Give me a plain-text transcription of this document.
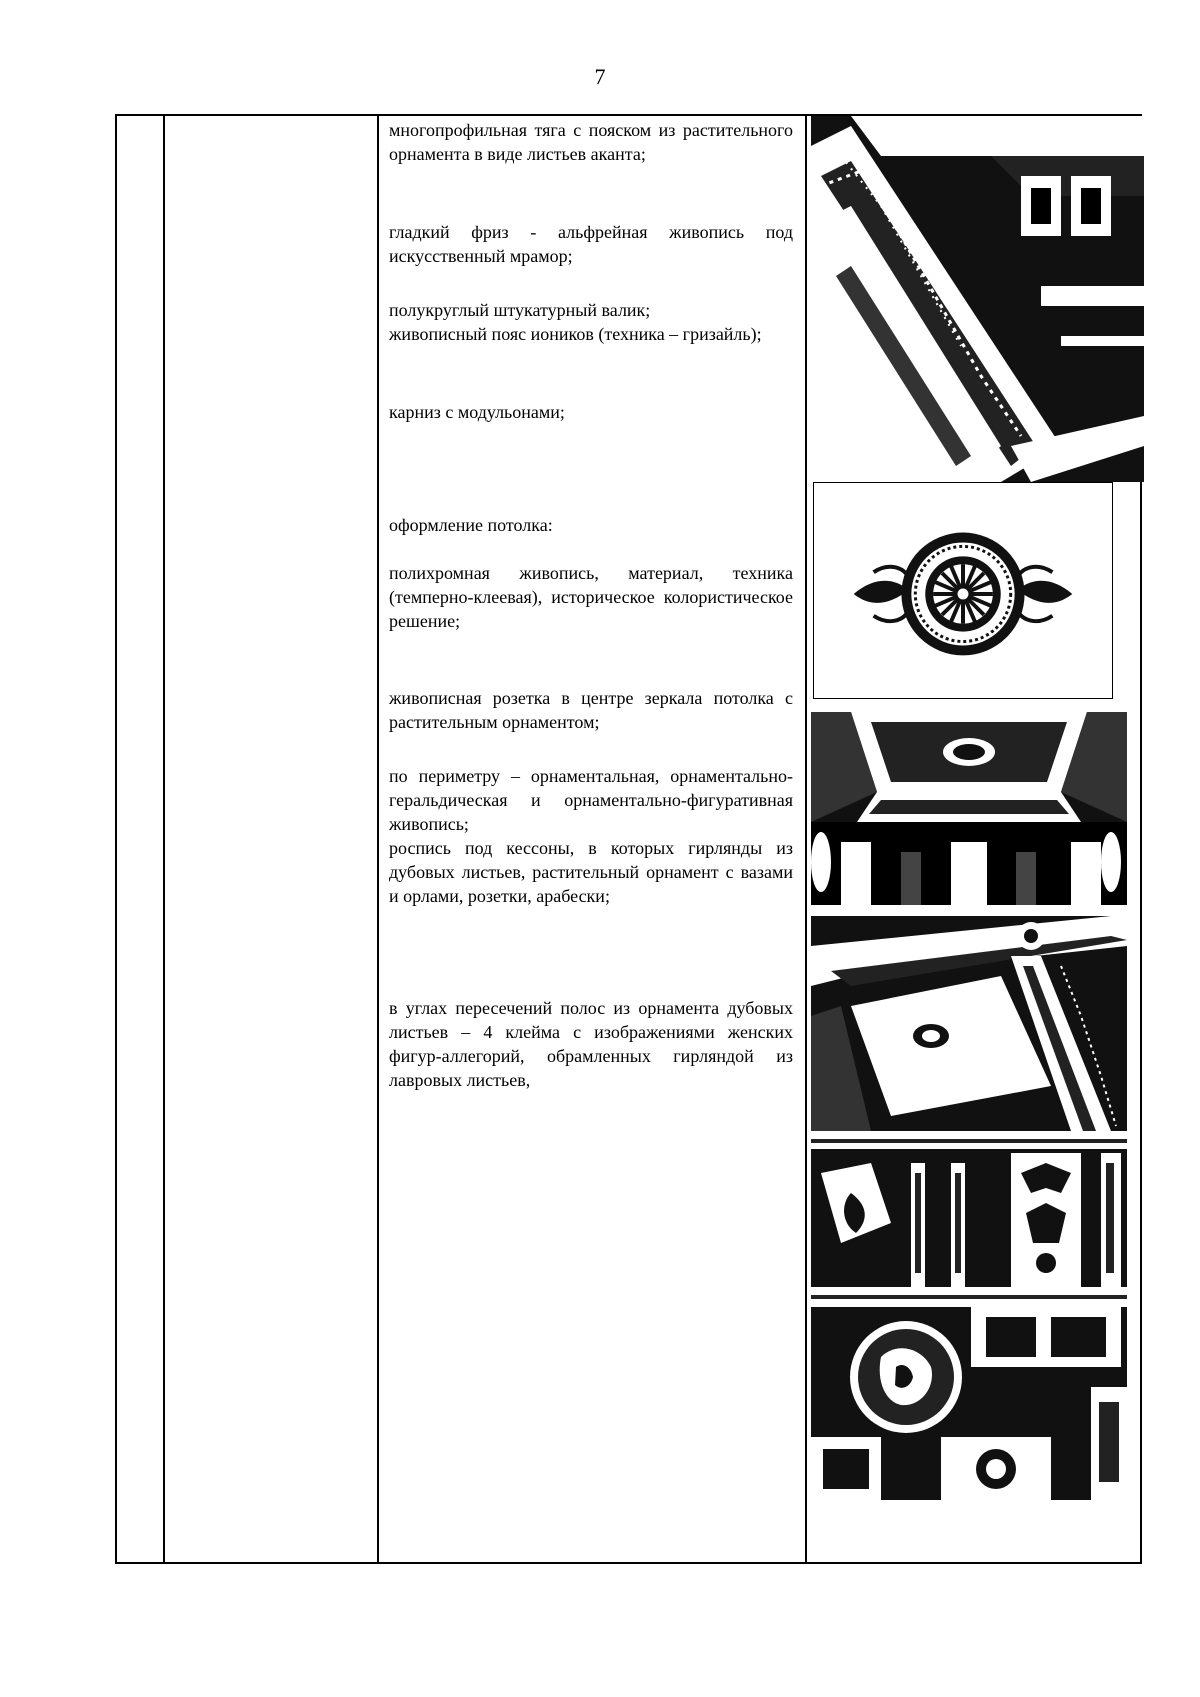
7

многопрофильная тяга с пояском из растительного орнамента в виде листьев аканта;

гладкий фриз - альфрейная живопись под искусственный мрамор;

полукруглый штукатурный валик;

живописный пояс иоников (техника – гризайль);

карниз с модульонами;

оформление потолка:

полихромная живопись, материал, техника (темперно-клеевая), историческое колористическое решение;

живописная розетка в центре зеркала потолка с растительным орнаментом;

по периметру – орнаментальная, орнаментально-геральдическая и орнаментально-фигуративная живопись;

роспись под кессоны, в которых гирлянды из дубовых листьев, растительный орнамент с вазами и орлами, розетки, арабески;

в углах пересечений полос из орнамента дубовых листьев – 4 клейма с изображениями женских фигур-аллегорий, обрамленных гирляндой из лавровых листьев,
